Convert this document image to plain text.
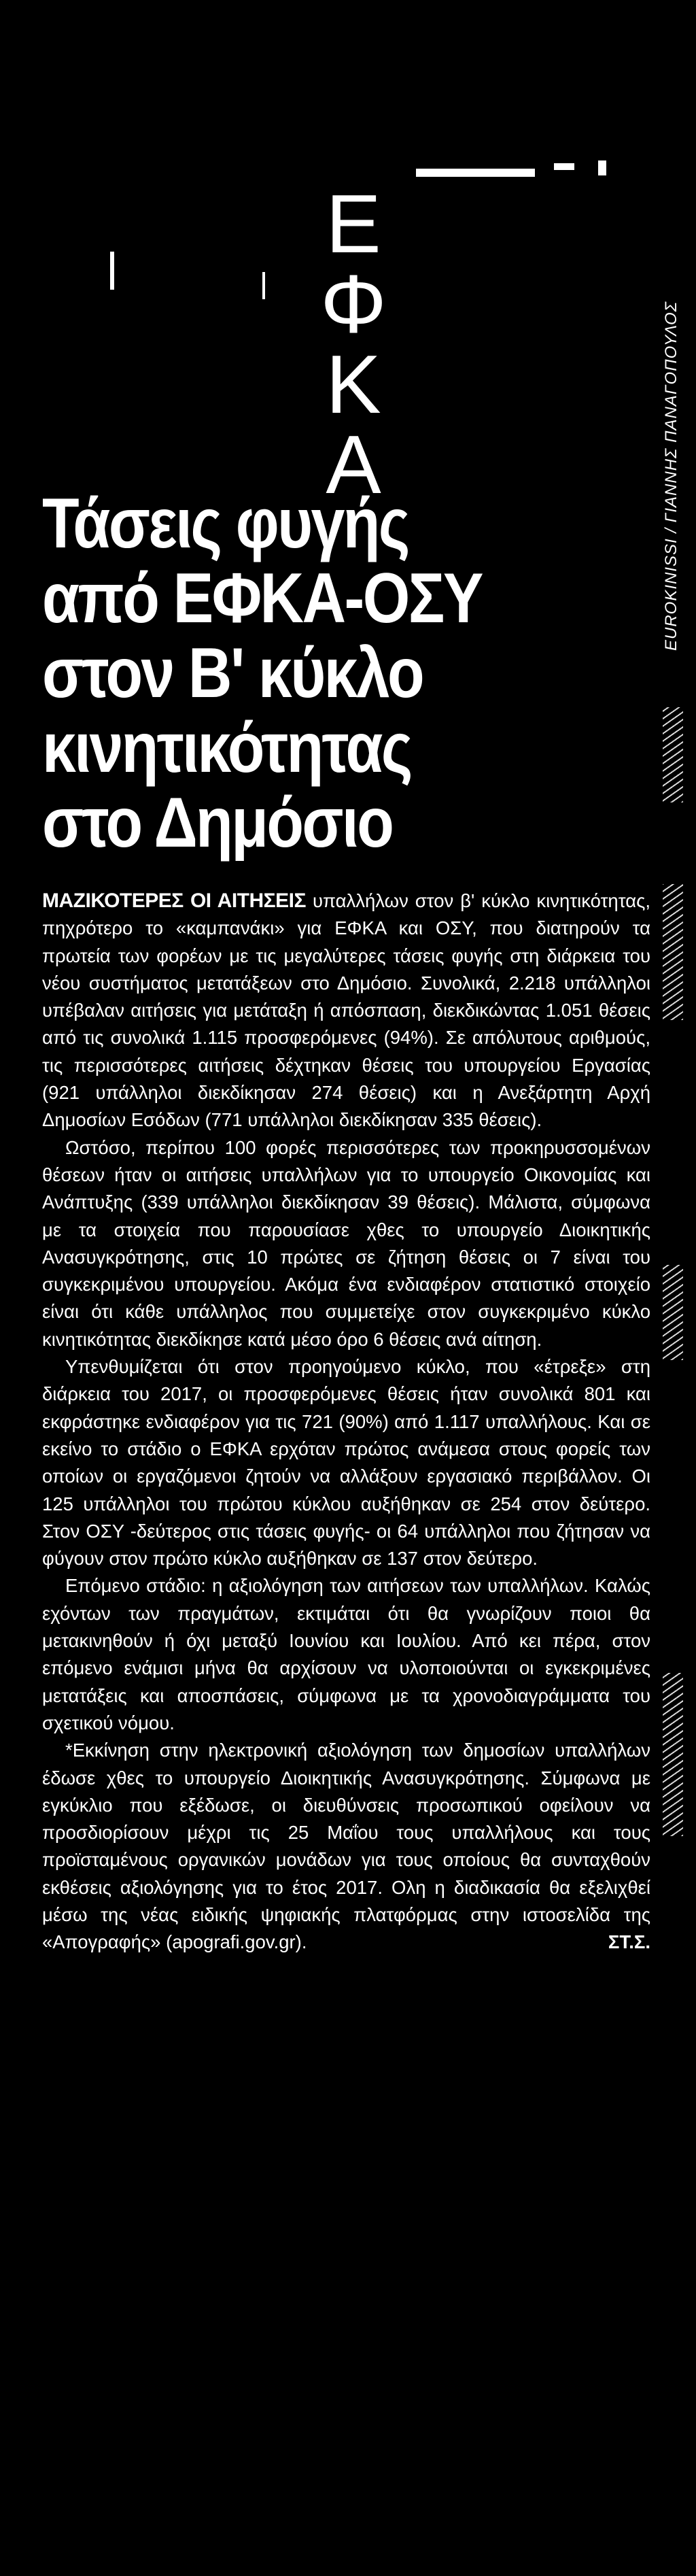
Ε
Φ
Κ
Α	EUROKINISSI / ΓΙΑΝΝΗΣ ΠΑΝΑΓΟΠΟΥΛΟΣ
Τάσεις φυγής
από ΕΦΚΑ-ΟΣΥ
στον Β' κύκλο
κινητικότητας
στο Δημόσιο

ΜΑΖΙΚΟΤΕΡΕΣ ΟΙ ΑΙΤΗΣΕΙΣ υπαλλήλων στον β' κύκλο κινητικότητας, πηχρότερο το «καμπανάκι» για ΕΦΚΑ και ΟΣΥ, που διατηρούν τα πρωτεία των φορέων με τις μεγαλύτερες τάσεις φυγής στη διάρκεια του νέου συστήματος μετατάξεων στο Δημόσιο. Συνολικά, 2.218 υπάλληλοι υπέβαλαν αιτήσεις για μετάταξη ή απόσπαση, διεκδικώντας 1.051 θέσεις από τις συνολικά 1.115 προσφερόμενες (94%). Σε απόλυτους αριθμούς, τις περισσότερες αιτήσεις δέχτηκαν θέσεις του υπουργείου Εργασίας (921 υπάλληλοι διεκδίκησαν 274 θέσεις) και η Ανεξάρτητη Αρχή Δημοσίων Εσόδων (771 υπάλληλοι διεκδίκησαν 335 θέσεις).

Ωστόσο, περίπου 100 φορές περισσότερες των προκηρυσσομένων θέσεων ήταν οι αιτήσεις υπαλλήλων για το υπουργείο Οικονομίας και Ανάπτυξης (339 υπάλληλοι διεκδίκησαν 39 θέσεις). Μάλιστα, σύμφωνα με τα στοιχεία που παρουσίασε χθες το υπουργείο Διοικητικής Ανασυγκρότησης, στις 10 πρώτες σε ζήτηση θέσεις οι 7 είναι του συγκεκριμένου υπουργείου. Ακόμα ένα ενδιαφέρον στατιστικό στοιχείο είναι ότι κάθε υπάλληλος που συμμετείχε στον συγκεκριμένο κύκλο κινητικότητας διεκδίκησε κατά μέσο όρο 6 θέσεις ανά αίτηση.

Υπενθυμίζεται ότι στον προηγούμενο κύκλο, που «έτρεξε» στη διάρκεια του 2017, οι προσφερόμενες θέσεις ήταν συνολικά 801 και εκφράστηκε ενδιαφέρον για τις 721 (90%) από 1.117 υπαλλήλους. Και σε εκείνο το στάδιο ο ΕΦΚΑ ερχόταν πρώτος ανάμεσα στους φορείς των οποίων οι εργαζόμενοι ζητούν να αλλάξουν εργασιακό περιβάλλον. Οι 125 υπάλληλοι του πρώτου κύκλου αυξήθηκαν σε 254 στον δεύτερο. Στον ΟΣΥ -δεύτερος στις τάσεις φυγής- οι 64 υπάλληλοι που ζήτησαν να φύγουν στον πρώτο κύκλο αυξήθηκαν σε 137 στον δεύτερο.

Επόμενο στάδιο: η αξιολόγηση των αιτήσεων των υπαλλήλων. Καλώς εχόντων των πραγμάτων, εκτιμάται ότι θα γνωρίζουν ποιοι θα μετακινηθούν ή όχι μεταξύ Ιουνίου και Ιουλίου. Από κει πέρα, στον επόμενο ενάμισι μήνα θα αρχίσουν να υλοποιούνται οι εγκεκριμένες μετατάξεις και αποσπάσεις, σύμφωνα με τα χρονοδιαγράμματα του σχετικού νόμου.

*Εκκίνηση στην ηλεκτρονική αξιολόγηση των δημοσίων υπαλλήλων έδωσε χθες το υπουργείο Διοικητικής Ανασυγκρότησης. Σύμφωνα με εγκύκλιο που εξέδωσε, οι διευθύνσεις προσωπικού οφείλουν να προσδιορίσουν μέχρι τις 25 Μαΐου τους υπαλλήλους και τους προϊσταμένους οργανικών μονάδων για τους οποίους θα συνταχθούν εκθέσεις αξιολόγησης για το έτος 2017. Ολη η διαδικασία θα εξελιχθεί μέσω της νέας ειδικής ψηφιακής πλατφόρμας στην ιστοσελίδα της «Απογραφής» (apografi.gov.gr).	ΣΤ.Σ.
